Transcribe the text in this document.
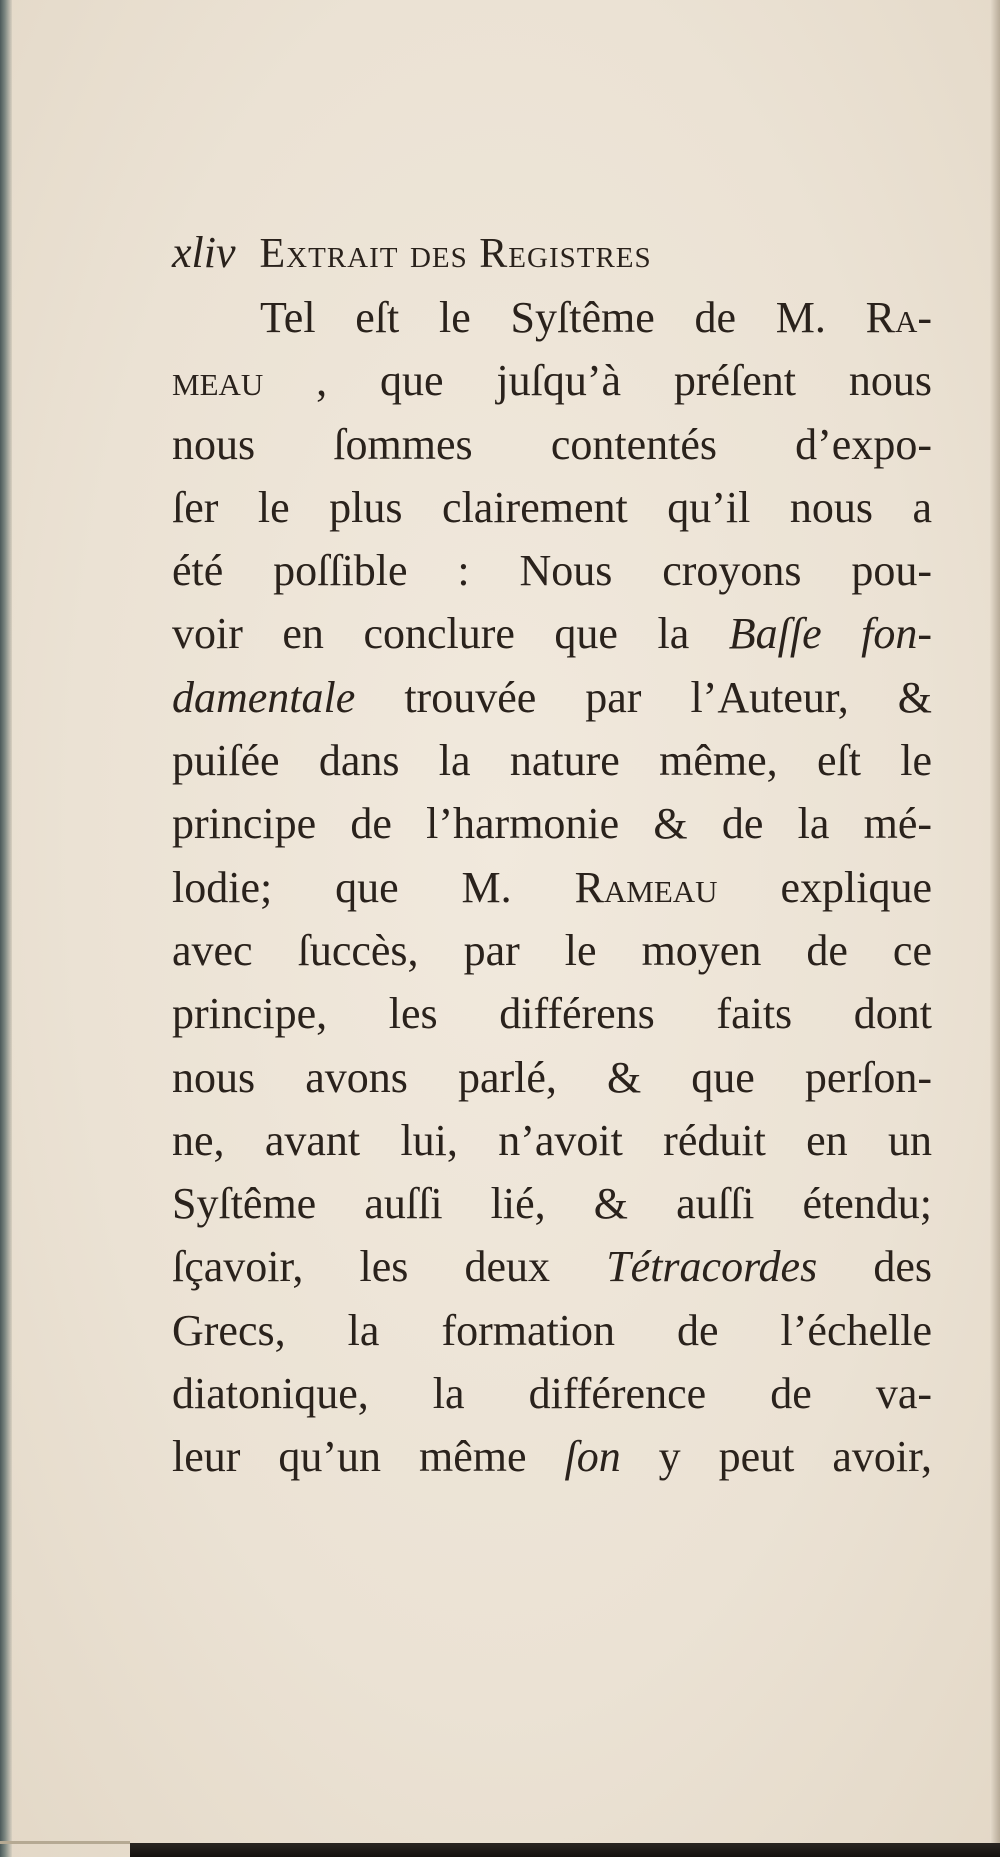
xliv Extrait des Registres
Tel eſt le Syſtême de M. Ra-
meau , que juſqu’à préſent nous
nous ſommes contentés d’expo-
ſer le plus clairement qu’il nous a
été poſſible : Nous croyons pou-
voir en conclure que la Baſſe fon-
damentale trouvée par l’Auteur, &
puiſée dans la nature même, eſt le
principe de l’harmonie & de la mé-
lodie; que M. Rameau explique
avec ſuccès, par le moyen de ce
principe, les différens faits dont
nous avons parlé, & que perſon-
ne, avant lui, n’avoit réduit en un
Syſtême auſſi lié, & auſſi étendu;
ſçavoir, les deux Tétracordes des
Grecs, la formation de l’échelle
diatonique, la différence de va-
leur qu’un même ſon y peut avoir,
